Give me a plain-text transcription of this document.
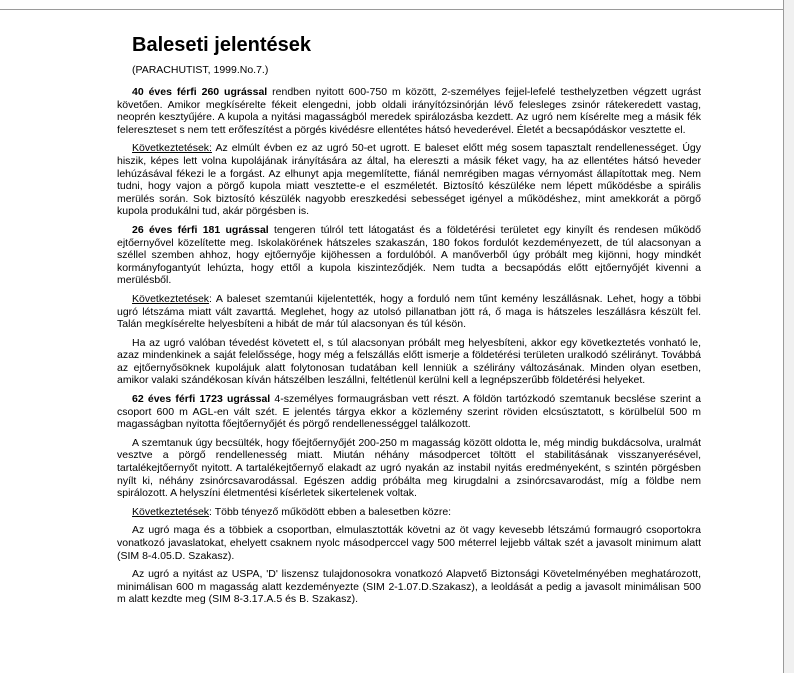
Baleseti jelentések
(PARACHUTIST, 1999.No.7.)

40 éves férfi 260 ugrással rendben nyitott 600-750 m között, 2-személyes fejjel-lefelé testhelyzetben végzett ugrást követően. Amikor megkísérelte fékeit elengedni, jobb oldali irányítózsinórján lévő felesleges zsinór rátekeredett vastag, neoprén kesztyűjére. A kupola a nyitási magasságból meredek spirálozásba kezdett. Az ugró nem kísérelte meg a másik fék felereszteset s nem tett erőfeszítést a pörgés kivédésre ellentétes hátsó hevederével. Életét a becsapódáskor vesztette el.

Következtetések: Az elmúlt évben ez az ugró 50-et ugrott. E baleset előtt még sosem tapasztalt rendellenességet. Úgy hiszik, képes lett volna kupolájának irányítására az által, ha elereszti a másik féket vagy, ha az ellentétes hátsó heveder lehúzásával fékezi le a forgást. Az elhunyt apja megemlítette, fiánál nemrégiben magas vérnyomást állapítottak meg. Nem tudni, hogy vajon a pörgő kupola miatt vesztette-e el eszméletét. Biztosító készüléke nem lépett működésbe a spirális merülés során. Sok biztosító készülék nagyobb ereszkedési sebességet igényel a működéshez, mint amekkorát a pörgő kupola produkálni tud, akár pörgésben is.

26 éves férfi 181 ugrással tengeren túlról tett látogatást és a földetérési területet egy kinyílt és rendesen működő ejtőernyővel közelítette meg. Iskolakörének hátszeles szakaszán, 180 fokos fordulót kezdeményezett, de túl alacsonyan a széllel szemben ahhoz, hogy ejtőernyője kijöhessen a fordulóból. A manőverből úgy próbált meg kijönni, hogy mindkét kormányfogantyút lehúzta, hogy ettől a kupola kiszinteződjék. Nem tudta a becsapódás előtt ejtőernyőjét kivenni a merülésből.

Következtetések: A baleset szemtanúi kijelentették, hogy a forduló nem tűnt kemény leszállásnak. Lehet, hogy a többi ugró létszáma miatt vált zavarttá. Meglehet, hogy az utolsó pillanatban jött rá, ő maga is hátszeles leszállásra készült fel. Talán megkísérelte helyesbíteni a hibát de már túl alacsonyan és túl késön.

Ha az ugró valóban tévedést követett el, s túl alacsonyan próbált meg helyesbíteni, akkor egy következtetés vonható le, azaz mindenkinek a saját felelőssége, hogy még a felszállás előtt ismerje a földetérési területen uralkodó szélirányt. Továbbá az ejtőernyősöknek kupolájuk alatt folytonosan tudatában kell lenniük a szélirány változásának. Minden olyan esetben, amikor valaki szándékosan kíván hátszélben leszállni, feltétlenül kerülni kell a legnépszerűbb földetérési helyeket.

62 éves férfi 1723 ugrással 4-személyes formaugrásban vett részt. A földön tartózkodó szemtanuk becslése szerint a csoport 600 m AGL-en vált szét. E jelentés tárgya ekkor a közlemény szerint röviden elcsúsztatott, s körülbelül 500 m magasságban nyitotta főejtőernyőjét és pörgő rendellenességgel találkozott.

A szemtanuk úgy becsülték, hogy főejtőernyőjét 200-250 m magasság között oldotta le, még mindig bukdácsolva, uralmát vesztve a pörgő rendellenesség miatt. Miután néhány másodpercet töltött el stabilitásának visszanyerésével, tartalékejtőernyőt nyitott. A tartalékejtőernyő elakadt az ugró nyakán az instabil nyitás eredményeként, s szintén pörgésben nyílt ki, néhány zsinórcsavarodással. Egészen addig próbálta meg kirugdalni a zsinórcsavarodást, míg a földbe nem spirálozott. A helyszíni életmentési kísérletek sikertelenek voltak.

Következtetések: Több tényező működött ebben a balesetben közre:

Az ugró maga és a többiek a csoportban, elmulasztották követni az öt vagy kevesebb létszámú formaugró csoportokra vonatkozó javaslatokat, ehelyett csaknem nyolc másodperccel vagy 500 méterrel lejjebb váltak szét a javasolt minimum alatt (SIM 8-4.05.D. Szakasz).

Az ugró a nyitást az USPA, 'D' liszensz tulajdonosokra vonatkozó Alapvető Biztonsági Követelményében meghatározott, minimálisan 600 m magasság alatt kezdeményezte (SIM 2-1.07.D.Szakasz), a leoldását a pedig a javasolt minimálisan 500 m alatt kezdte meg (SIM 8-3.17.A.5 és B. Szakasz).
